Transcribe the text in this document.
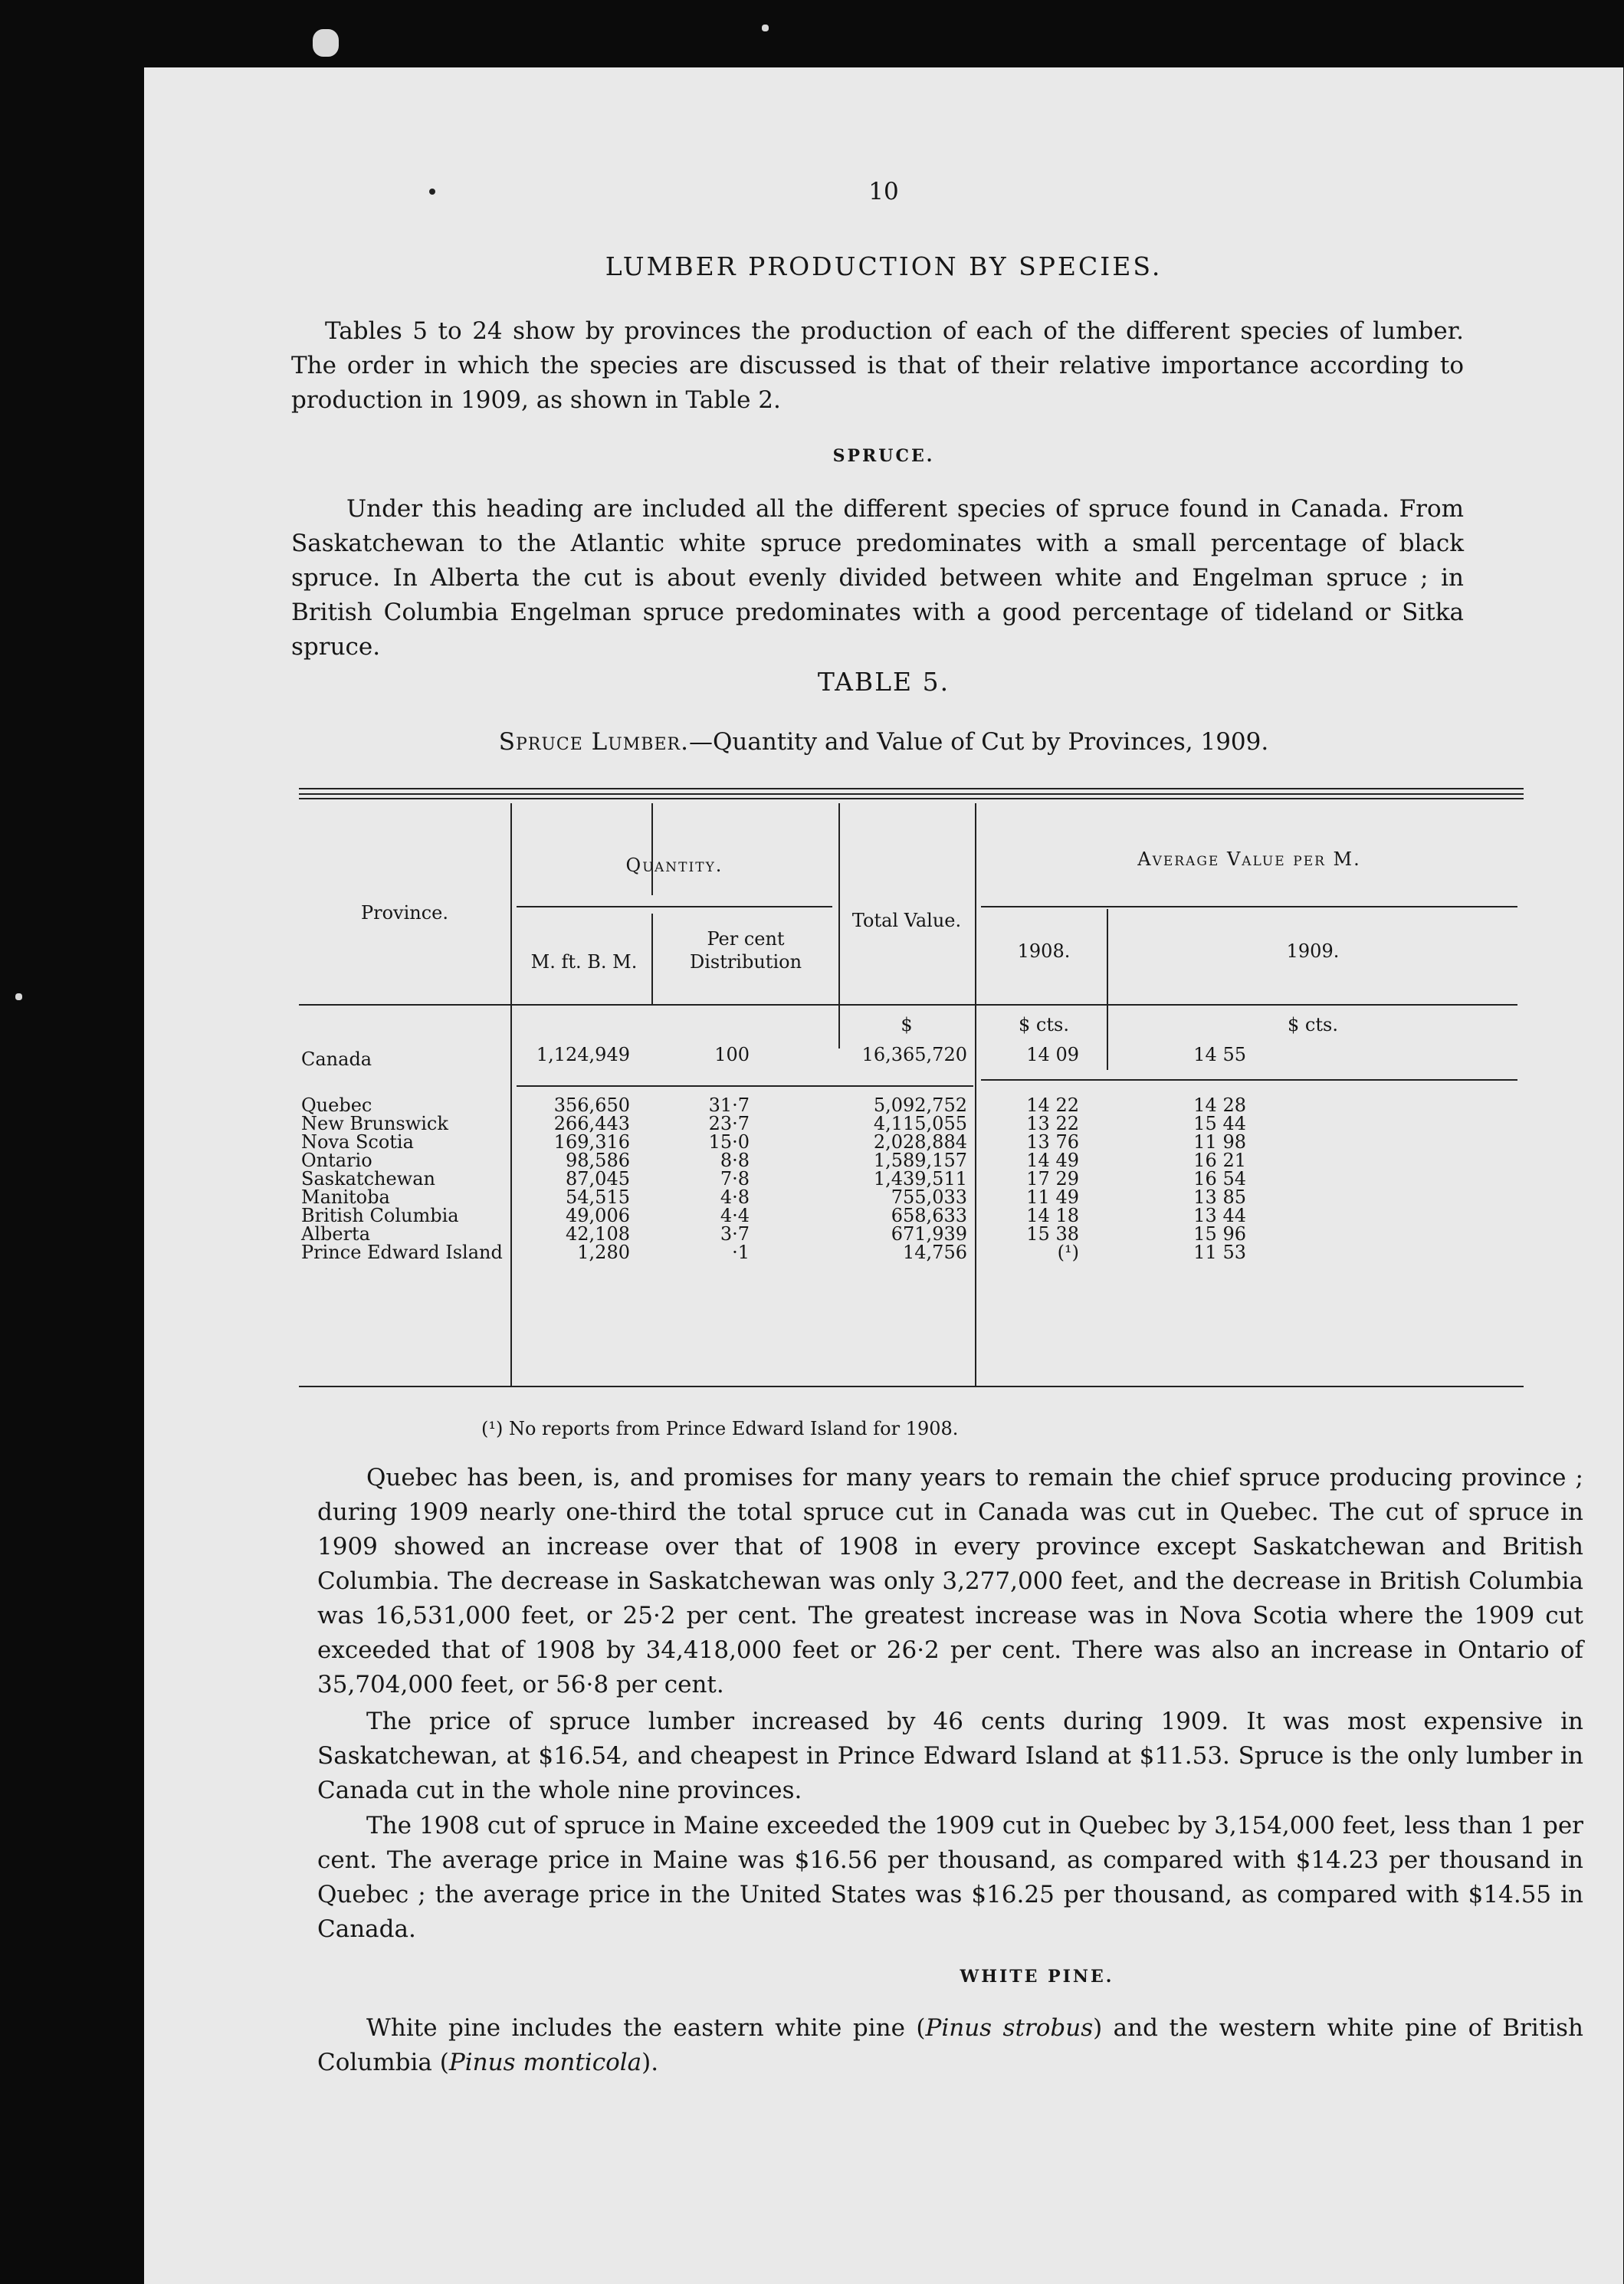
10
LUMBER PRODUCTION BY SPECIES.

Tables 5 to 24 show by provinces the production of each of the different species of lumber. The order in which the species are discussed is that of their relative importance according to production in 1909, as shown in Table 2.

SPRUCE.

Under this heading are included all the different species of spruce found in Canada. From Saskatchewan to the Atlantic white spruce predominates with a small percentage of black spruce. In Alberta the cut is about evenly divided between white and Engelman spruce ; in British Columbia Engelman spruce predominates with a good percentage of tideland or Sitka spruce.

TABLE 5.
Spruce Lumber.—Quantity and Value of Cut by Provinces, 1909.
Province.
Quantity.
M. ft. B. M.
Per cent
Distribution
Total Value.
Average Value per M.
1908.	1909.
$	$ cts.	$ cts.
Canada	1,124,949	100	16,365,720	14 09	14 55
Quebec	356,650	31·7	5,092,752	14 22	14 28
New Brunswick	266,443	23·7	4,115,055	13 22	15 44
Nova Scotia	169,316	15·0	2,028,884	13 76	11 98
Ontario	98,586	8·8	1,589,157	14 49	16 21
Saskatchewan	87,045	7·8	1,439,511	17 29	16 54
Manitoba	54,515	4·8	755,033	11 49	13 85
British Columbia	49,006	4·4	658,633	14 18	13 44
Alberta	42,108	3·7	671,939	15 38	15 96
Prince Edward Island	1,280	·1	14,756	(¹)	11 53
(¹) No reports from Prince Edward Island for 1908.

Quebec has been, is, and promises for many years to remain the chief spruce producing province ; during 1909 nearly one-third the total spruce cut in Canada was cut in Quebec. The cut of spruce in 1909 showed an increase over that of 1908 in every province except Saskatchewan and British Columbia. The decrease in Saskatchewan was only 3,277,000 feet, and the decrease in British Columbia was 16,531,000 feet, or 25·2 per cent. The greatest increase was in Nova Scotia where the 1909 cut exceeded that of 1908 by 34,418,000 feet or 26·2 per cent. There was also an increase in Ontario of 35,704,000 feet, or 56·8 per cent.

The price of spruce lumber increased by 46 cents during 1909. It was most expensive in Saskatchewan, at $16.54, and cheapest in Prince Edward Island at $11.53. Spruce is the only lumber in Canada cut in the whole nine provinces.

The 1908 cut of spruce in Maine exceeded the 1909 cut in Quebec by 3,154,000 feet, less than 1 per cent. The average price in Maine was $16.56 per thousand, as compared with $14.23 per thousand in Quebec ; the average price in the United States was $16.25 per thousand, as compared with $14.55 in Canada.

WHITE PINE.

White pine includes the eastern white pine (Pinus strobus) and the western white pine of British Columbia (Pinus monticola).
